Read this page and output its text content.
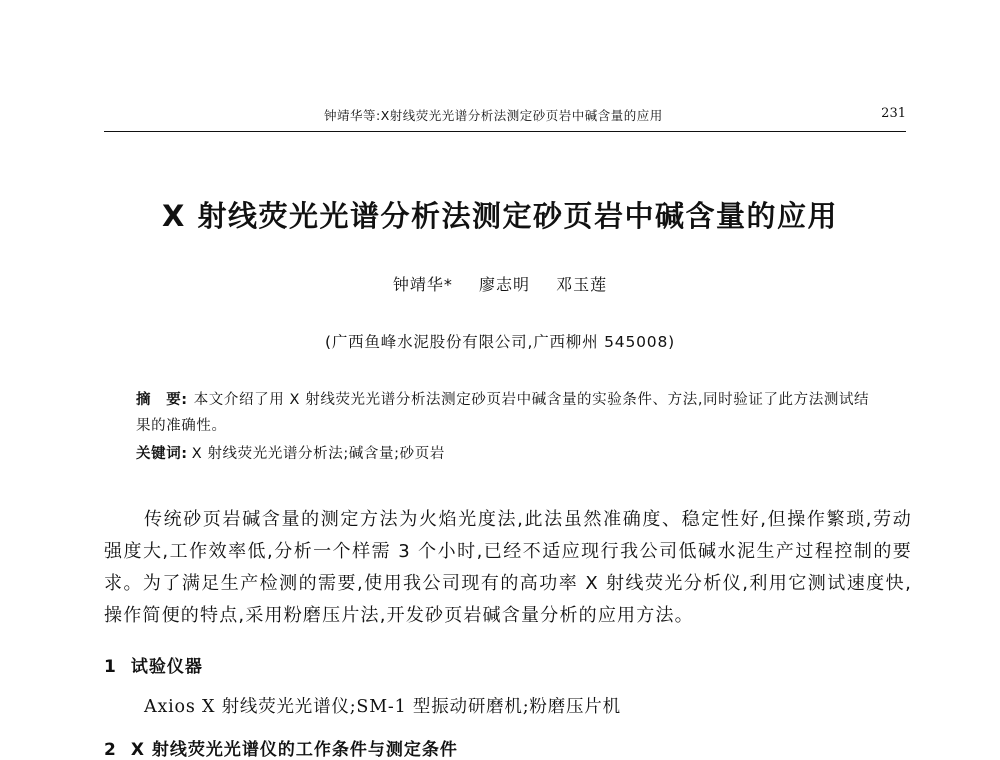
钟靖华等:X射线荧光光谱分析法测定砂页岩中碱含量的应用	231
X 射线荧光光谱分析法测定砂页岩中碱含量的应用
钟靖华* 廖志明 邓玉莲
(广西鱼峰水泥股份有限公司,广西柳州 545008)
摘　要: 本文介绍了用 X 射线荧光光谱分析法测定砂页岩中碱含量的实验条件、方法,同时验证了此方法测试结果的准确性。
关键词: X 射线荧光光谱分析法;碱含量;砂页岩

传统砂页岩碱含量的测定方法为火焰光度法,此法虽然准确度、稳定性好,但操作繁琐,劳动强度大,工作效率低,分析一个样需 3 个小时,已经不适应现行我公司低碱水泥生产过程控制的要求。为了满足生产检测的需要,使用我公司现有的高功率 X 射线荧光分析仪,利用它测试速度快,操作简便的特点,采用粉磨压片法,开发砂页岩碱含量分析的应用方法。

1 试验仪器
Axios X 射线荧光光谱仪;SM-1 型振动研磨机;粉磨压片机
2 X 射线荧光光谱仪的工作条件与测定条件
